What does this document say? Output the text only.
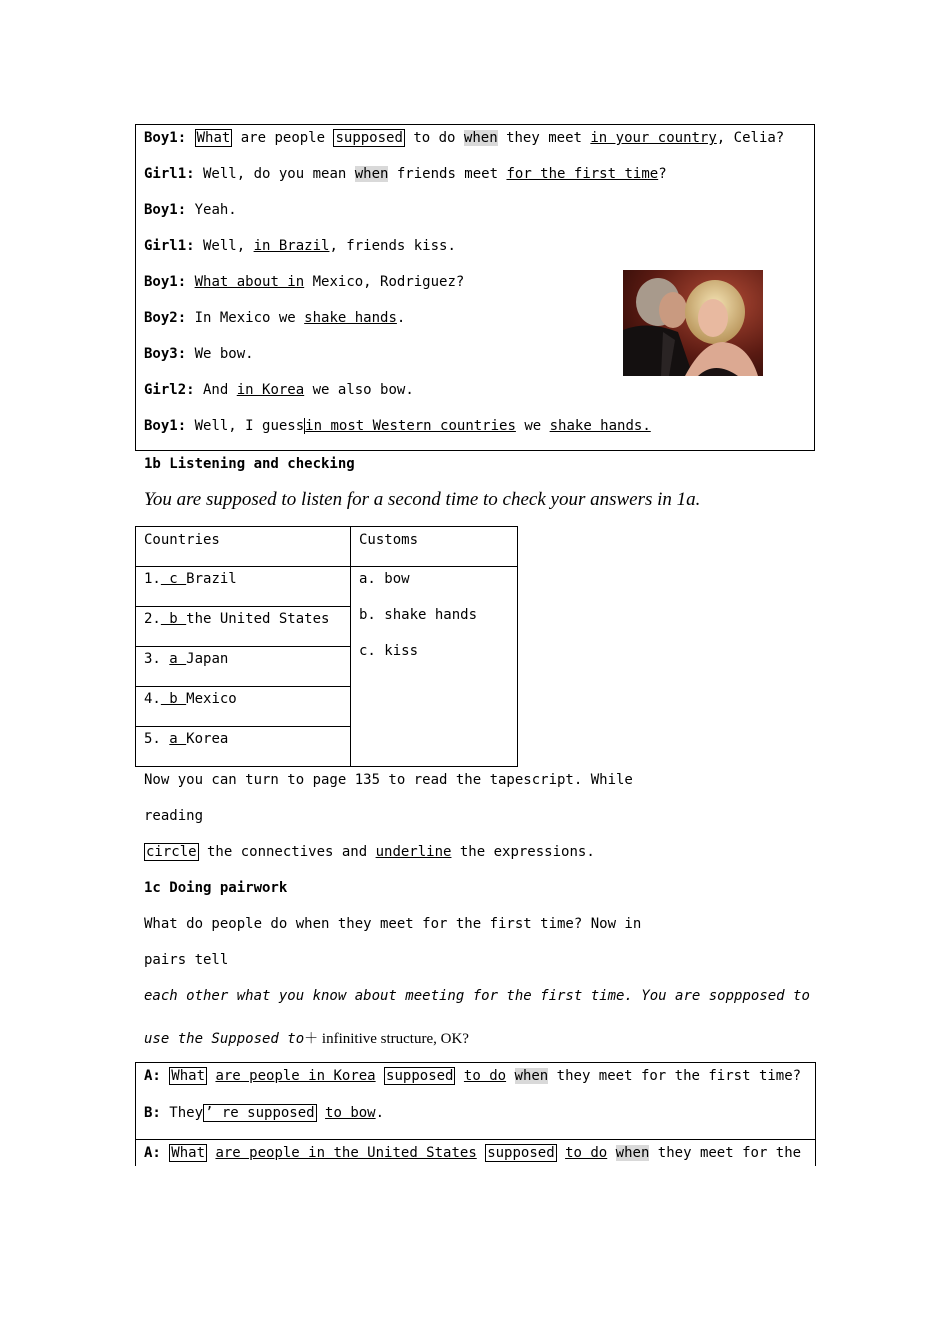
Boy1: What are people supposed to do when they meet in your country, Celia?
Girl1: Well, do you mean when friends meet for the first time?
Boy1: Yeah.
Girl1: Well, in Brazil, friends kiss.
Boy1: What about in Mexico, Rodriguez?
Boy2: In Mexico we shake hands.
Boy3: We bow.
Girl2: And in Korea we also bow.
Boy1: Well, I guessin most Western countries we shake hands.
1b Listening and checking
You are supposed to listen for a second time to check your answers in 1a.
Countries	Customs
1. c Brazil
2. b the United States
3. a Japan
4. b Mexico
5. a Korea
a. bow
b. shake hands
c. kiss
Now you can turn to page 135 to read the tapescript. While
reading
circle the connectives and underline the expressions.
1c Doing pairwork
What do people do when they meet for the first time? Now in
pairs tell
each other what you know about meeting for the first time. You are soppposed to
use the Supposed to＋ infinitive structure, OK?
A: What are people in Korea supposed to do when they meet for the first time?
B: They ’ re supposed to bow.
A: What are people in the United States supposed to do when they meet for the
